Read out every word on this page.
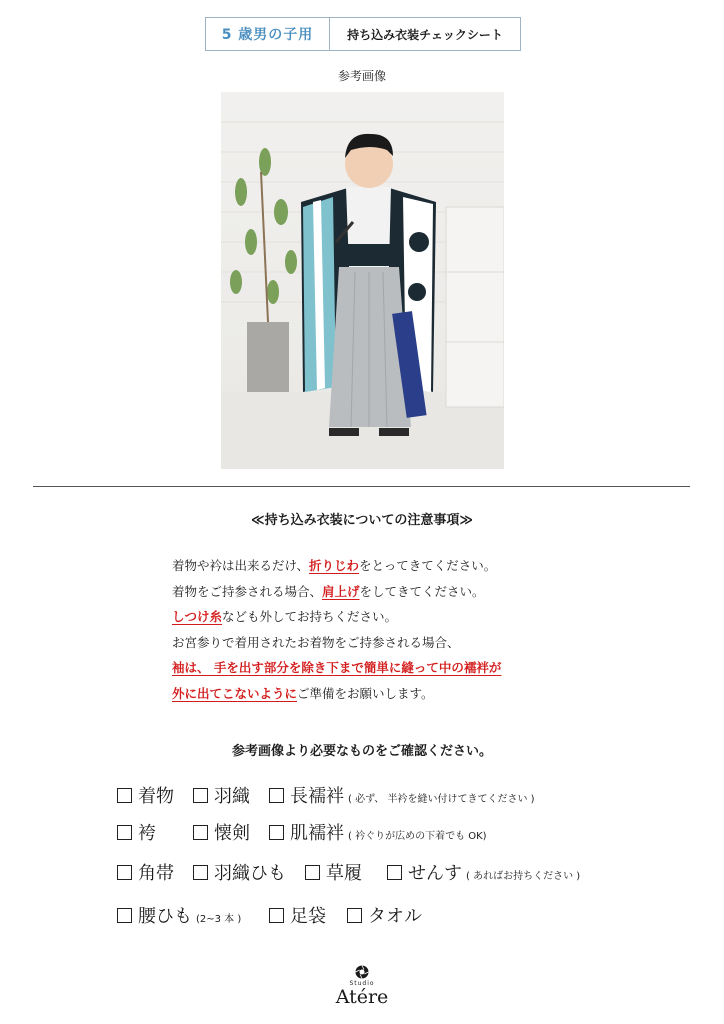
5 歳男の子用	持ち込み衣装チェックシート
参考画像
≪持ち込み衣装についての注意事項≫
着物や衿は出来るだけ、折りじわをとってきてください。
着物をご持参される場合、肩上げをしてきてください。
しつけ糸なども外してお持ちください。
お宮参りで着用されたお着物をご持参される場合、
袖は、 手を出す部分を除き下まで簡単に縫って中の襦袢が
外に出てこないようにご準備をお願いします。
参考画像より必要なものをご確認ください。
着物 羽織 長襦袢 ( 必ず、 半衿を縫い付けてきてください )
袴	懐剣 肌襦袢 ( 衿ぐりが広めの下着でも OK)
角帯 羽織ひも 草履	せんす ( あればお持ちください )
腰ひも (2~3 本 )	足袋 タオル
Studio
Atére
